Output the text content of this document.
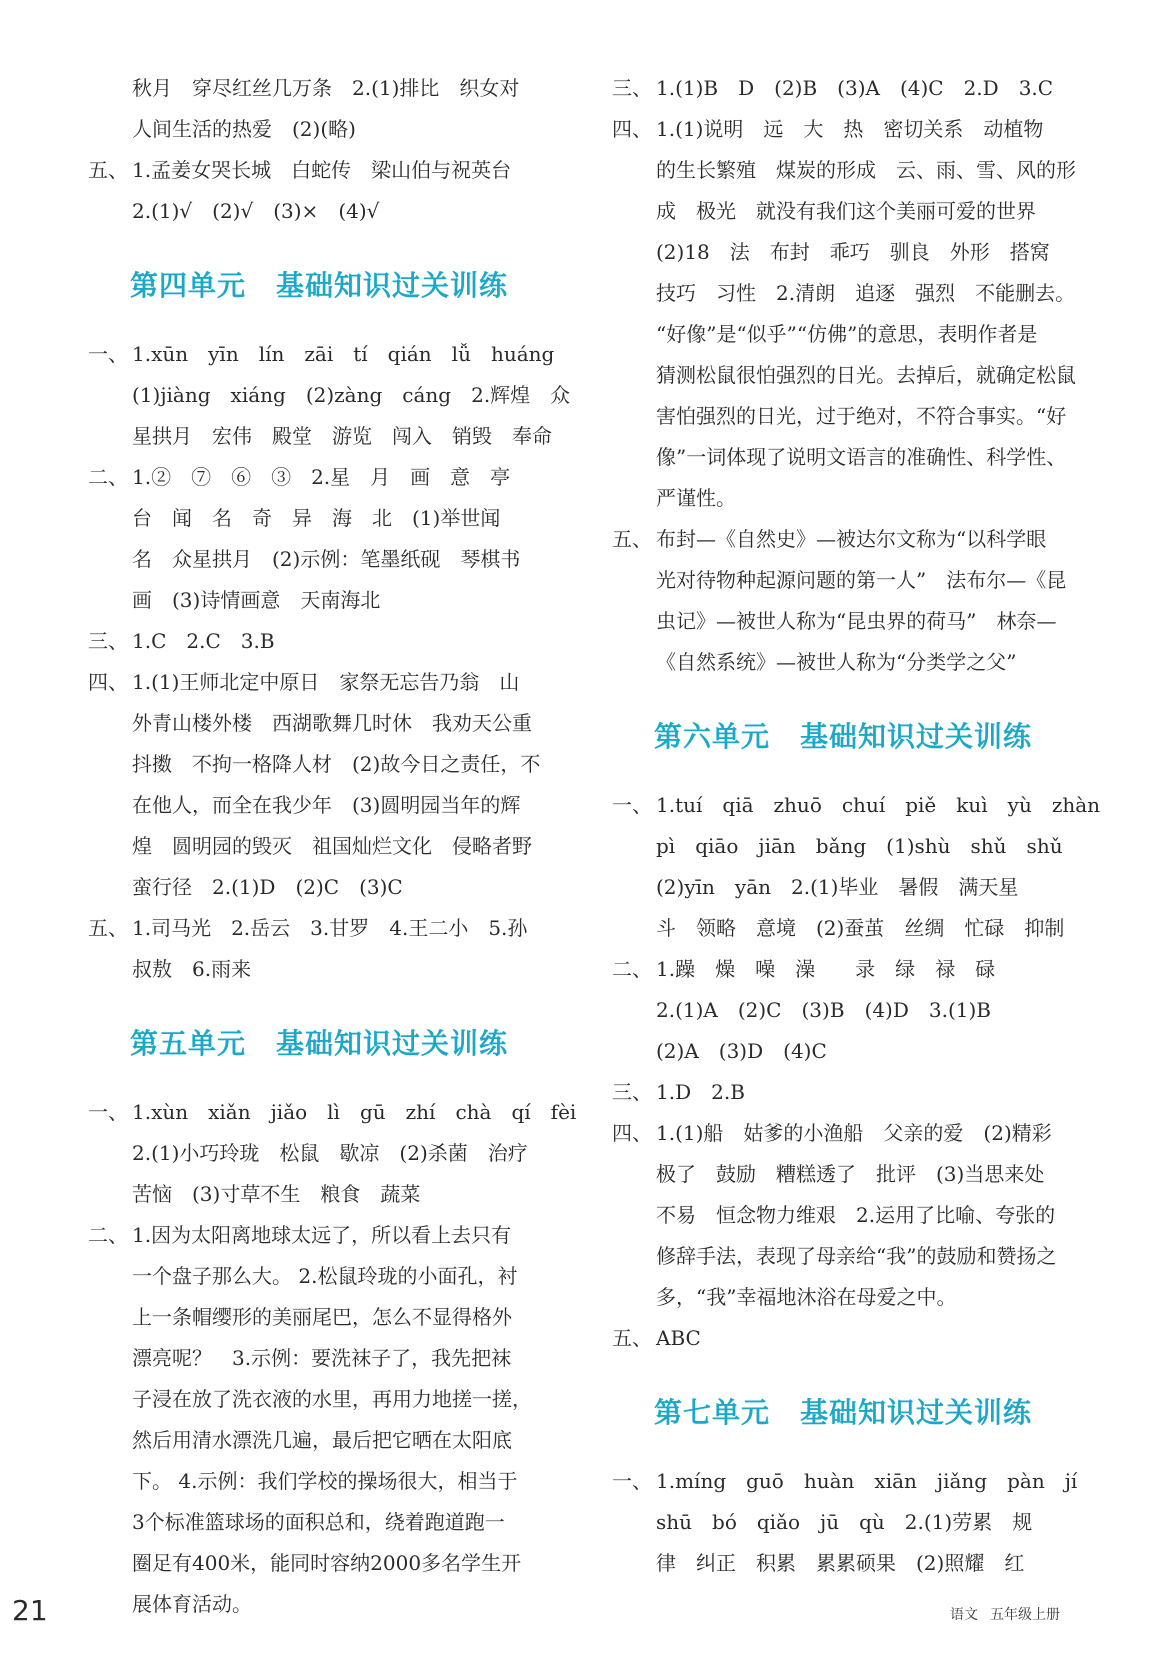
秋月　穿尽红丝几万条　2.(1)排比　织女对
人间生活的热爱　(2)(略)
五、 1.孟姜女哭长城　白蛇传　梁山伯与祝英台
2.(1)√　(2)√　(3)×　(4)√
第四单元 基础知识过关训练
一、 1.xūn　yīn　lín　zāi　tí　qián　lǚ　huáng
(1)jiàng　xiáng　(2)zàng　cáng　2.辉煌　众
星拱月　宏伟　殿堂　游览　闯入　销毁　奉命
二、 1.②　⑦　⑥　③　2.星　月　画　意　亭
台　闻　名　奇　异　海　北　(1)举世闻
名　众星拱月　(2)示例：笔墨纸砚　琴棋书
画　(3)诗情画意　天南海北
三、 1.C　2.C　3.B
四、 1.(1)王师北定中原日　家祭无忘告乃翁　山
外青山楼外楼　西湖歌舞几时休　我劝天公重
抖擞　不拘一格降人材　(2)故今日之责任，不
在他人，而全在我少年　(3)圆明园当年的辉
煌　圆明园的毁灭　祖国灿烂文化　侵略者野
蛮行径　2.(1)D　(2)C　(3)C
五、 1.司马光　2.岳云　3.甘罗　4.王二小　5.孙
叔敖　6.雨来
第五单元 基础知识过关训练
一、 1.xùn　xiǎn　jiǎo　lì　gū　zhí　chà　qí　fèi
2.(1)小巧玲珑　松鼠　歇凉　(2)杀菌　治疗
苦恼　(3)寸草不生　粮食　蔬菜
二、 1.因为太阳离地球太远了，所以看上去只有
一个盘子那么大。 2.松鼠玲珑的小面孔，衬
上一条帽缨形的美丽尾巴，怎么不显得格外
漂亮呢？　3.示例：要洗袜子了，我先把袜
子浸在放了洗衣液的水里，再用力地搓一搓，
然后用清水漂洗几遍，最后把它晒在太阳底
下。 4.示例：我们学校的操场很大，相当于
3个标准篮球场的面积总和，绕着跑道跑一
圈足有400米，能同时容纳2000多名学生开
展体育活动。
三、 1.(1)B　D　(2)B　(3)A　(4)C　2.D　3.C
四、 1.(1)说明　远　大　热　密切关系　动植物
的生长繁殖　煤炭的形成　云、雨、雪、风的形
成　极光　就没有我们这个美丽可爱的世界
(2)18　法　布封　乖巧　驯良　外形　搭窝
技巧　习性　2.清朗　追逐　强烈　不能删去。
“好像”是“似乎”“仿佛”的意思，表明作者是
猜测松鼠很怕强烈的日光。去掉后，就确定松鼠
害怕强烈的日光，过于绝对，不符合事实。“好
像”一词体现了说明文语言的准确性、科学性、
严谨性。
五、 布封—《自然史》—被达尔文称为“以科学眼
光对待物种起源问题的第一人”　法布尔—《昆
虫记》—被世人称为“昆虫界的荷马”　林奈—
《自然系统》—被世人称为“分类学之父”
第六单元 基础知识过关训练
一、 1.tuí　qiā　zhuō　chuí　piě　kuì　yù　zhàn
pì　qiāo　jiān　bǎng　(1)shù　shǔ　shǔ
(2)yīn　yān　2.(1)毕业　暑假　满天星
斗　领略　意境　(2)蚕茧　丝绸　忙碌　抑制
二、 1.躁　燥　噪　澡　　录　绿　禄　碌
2.(1)A　(2)C　(3)B　(4)D　3.(1)B
(2)A　(3)D　(4)C
三、 1.D　2.B
四、 1.(1)船　姑爹的小渔船　父亲的爱　(2)精彩
极了　鼓励　糟糕透了　批评　(3)当思来处
不易　恒念物力维艰　2.运用了比喻、夸张的
修辞手法，表现了母亲给“我”的鼓励和赞扬之
多，“我”幸福地沐浴在母爱之中。
五、 ABC
第七单元 基础知识过关训练
一、 1.míng　guō　huàn　xiān　jiǎng　pàn　jí
shū　bó　qiǎo　jū　qù　2.(1)劳累　规
律　纠正　积累　累累硕果　(2)照耀　红
21	语文 五年级上册
